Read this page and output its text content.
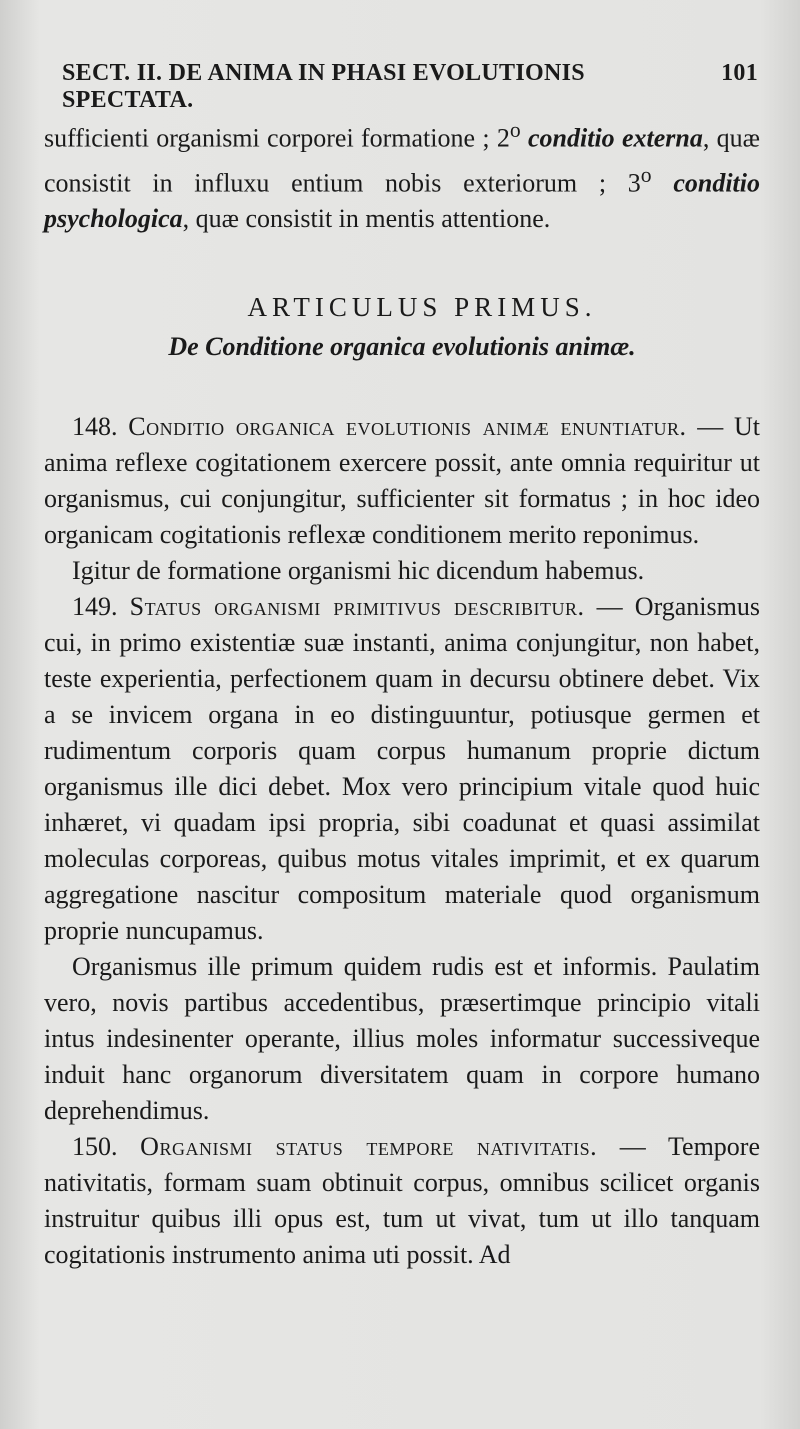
SECT. II. DE ANIMA IN PHASI EVOLUTIONIS SPECTATA.
101

sufficienti organismi corporei formatione ; 2$^o$ conditio externa, quæ consistit in influxu entium nobis exteriorum ; 3$^o$ conditio psychologica, quæ consistit in mentis attentione.

ARTICULUS PRIMUS.
De Conditione organica evolutionis animæ.

148. Conditio organica evolutionis animæ enuntiatur. — Ut anima reflexe cogitationem exercere possit, ante omnia requiritur ut organismus, cui conjungitur, sufficienter sit formatus ; in hoc ideo organicam cogitationis reflexæ conditionem merito reponimus.

Igitur de formatione organismi hic dicendum habemus.

149. Status organismi primitivus describitur. — Organismus cui, in primo existentiæ suæ instanti, anima conjungitur, non habet, teste experientia, perfectionem quam in decursu obtinere debet. Vix a se invicem organa in eo distinguuntur, potiusque germen et rudimentum corporis quam corpus humanum proprie dictum organismus ille dici debet. Mox vero principium vitale quod huic inhæret, vi quadam ipsi propria, sibi coadunat et quasi assimilat moleculas corporeas, quibus motus vitales imprimit, et ex quarum aggregatione nascitur compositum materiale quod organismum proprie nuncupamus.

Organismus ille primum quidem rudis est et informis. Paulatim vero, novis partibus accedentibus, præsertimque principio vitali intus indesinenter operante, illius moles informatur successiveque induit hanc organorum diversitatem quam in corpore humano deprehendimus.

150. Organismi status tempore nativitatis. — Tempore nativitatis, formam suam obtinuit corpus, omnibus scilicet organis instruitur quibus illi opus est, tum ut vivat, tum ut illo tanquam cogitationis instrumento anima uti possit. Ad
